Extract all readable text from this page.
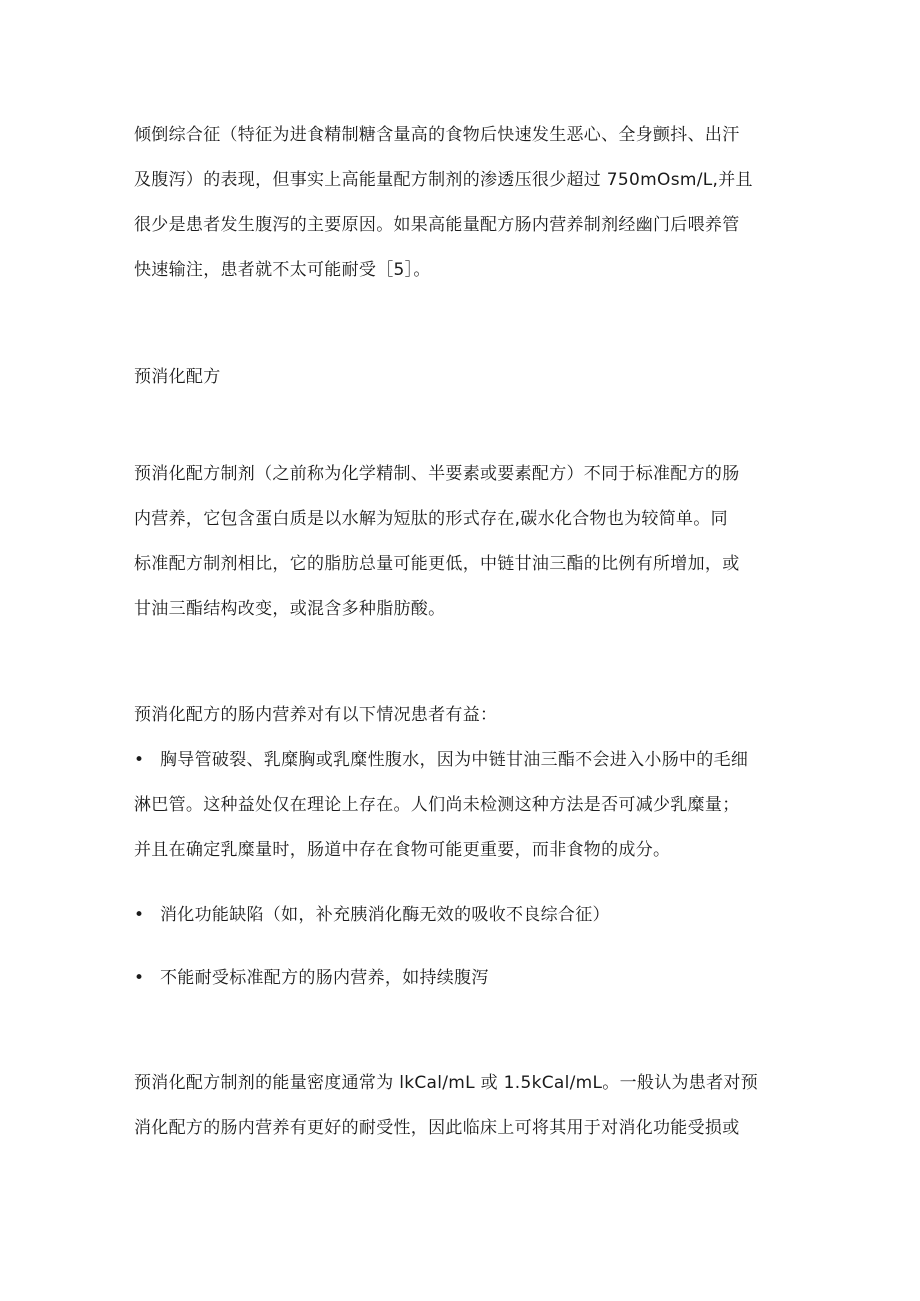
倾倒综合征（特征为进食精制糖含量高的食物后快速发生恶心、全身颤抖、出汗
及腹泻）的表现，但事实上高能量配方制剂的渗透压很少超过 750mOsm/L,并且
很少是患者发生腹泻的主要原因。如果高能量配方肠内营养制剂经幽门后喂养管
快速输注，患者就不太可能耐受［5］。
预消化配方
预消化配方制剂（之前称为化学精制、半要素或要素配方）不同于标准配方的肠
内营养，它包含蛋白质是以水解为短肽的形式存在,碳水化合物也为较简单。同
标准配方制剂相比，它的脂肪总量可能更低，中链甘油三酯的比例有所增加，或
甘油三酯结构改变，或混含多种脂肪酸。
预消化配方的肠内营养对有以下情况患者有益：
• 胸导管破裂、乳糜胸或乳糜性腹水，因为中链甘油三酯不会进入小肠中的毛细
淋巴管。这种益处仅在理论上存在。人们尚未检测这种方法是否可减少乳糜量；
并且在确定乳糜量时，肠道中存在食物可能更重要，而非食物的成分。
• 消化功能缺陷（如，补充胰消化酶无效的吸收不良综合征）
• 不能耐受标准配方的肠内营养，如持续腹泻
预消化配方制剂的能量密度通常为 lkCal/mL 或 1.5kCal/mL。一般认为患者对预
消化配方的肠内营养有更好的耐受性，因此临床上可将其用于对消化功能受损或
